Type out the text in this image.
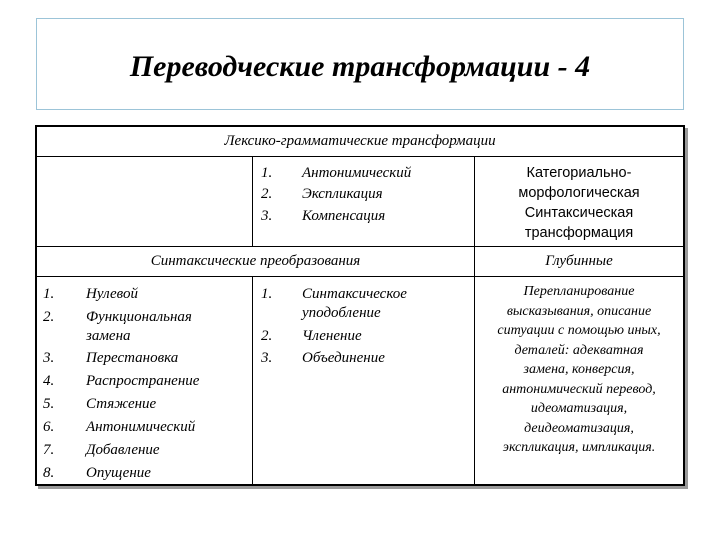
Переводческие трансформации - 4
Лексико-грамматические трансформации
1. Антонимический
2. Экспликация
3. Компенсация
Категориально-
морфологическая
Синтаксическая
трансформация
Синтаксические преобразования	Глубинные
1. Нулевой
2. Функциональная
замена
3. Перестановка
4. Распространение
5. Стяжение
6. Антонимический
7. Добавление
8. Опущение
1. Синтаксическое
уподобление
2. Членение
3. Объединение
Перепланирование
высказывания, описание
ситуации с помощью иных,
деталей: адекватная
замена, конверсия,
антонимический перевод,
идеоматизация,
деидеоматизация,
экспликация, импликация.
